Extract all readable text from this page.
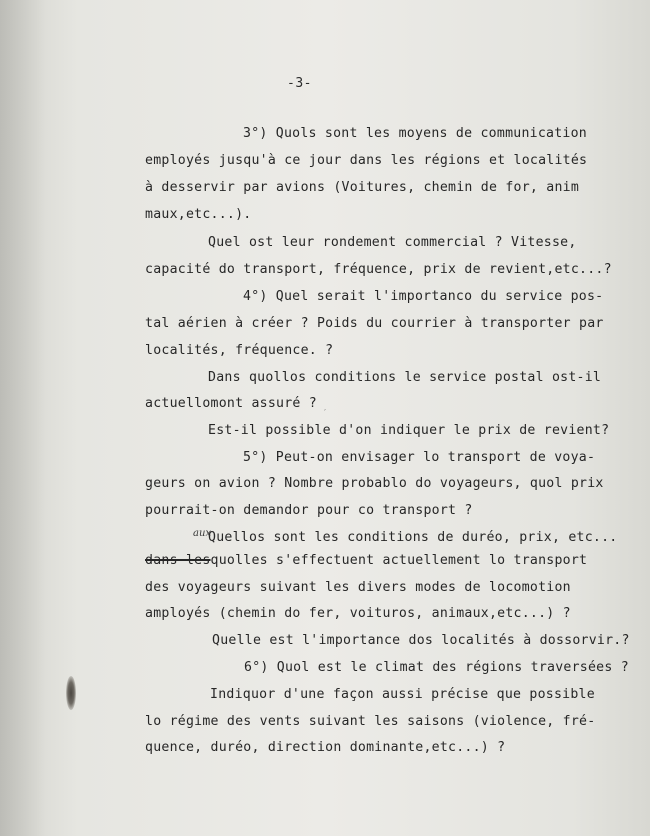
-3-
3°) Quols sont les moyens de communication
employés jusqu'à ce jour dans les régions et localités
à desservir par avions (Voitures, chemin de for, anim
maux,etc...).
Quel ost leur rondement commercial ? Vitesse,
capacité do transport, fréquence, prix de revient,etc...?
4°) Quel serait l'importanco du service pos-
tal aérien à créer ? Poids du courrier à transporter par
localités, fréquence. ?
Dans quollos conditions le service postal ost-il
actuellomont assuré ?
′
Est-il possible d'on indiquer le prix de revient?
5°) Peut-on envisager lo transport de voya-
geurs on avion ? Nombre probablo do voyageurs, quol prix
pourrait-on demandor pour co transport ?
Quellos sont les conditions de duréo, prix, etc...
aux
dans lesquolles s'effectuent actuellement lo transport
des voyageurs suivant les divers modes de locomotion
amployés (chemin do fer, voituros, animaux,etc...) ?
Quelle est l'importance dos localités à dossorvir.?
6°) Quol est le climat des régions traversées ?
Indiquor d'une façon aussi précise que possible
lo régime des vents suivant les saisons (violence, fré-
quence, duréo, direction dominante,etc...) ?
